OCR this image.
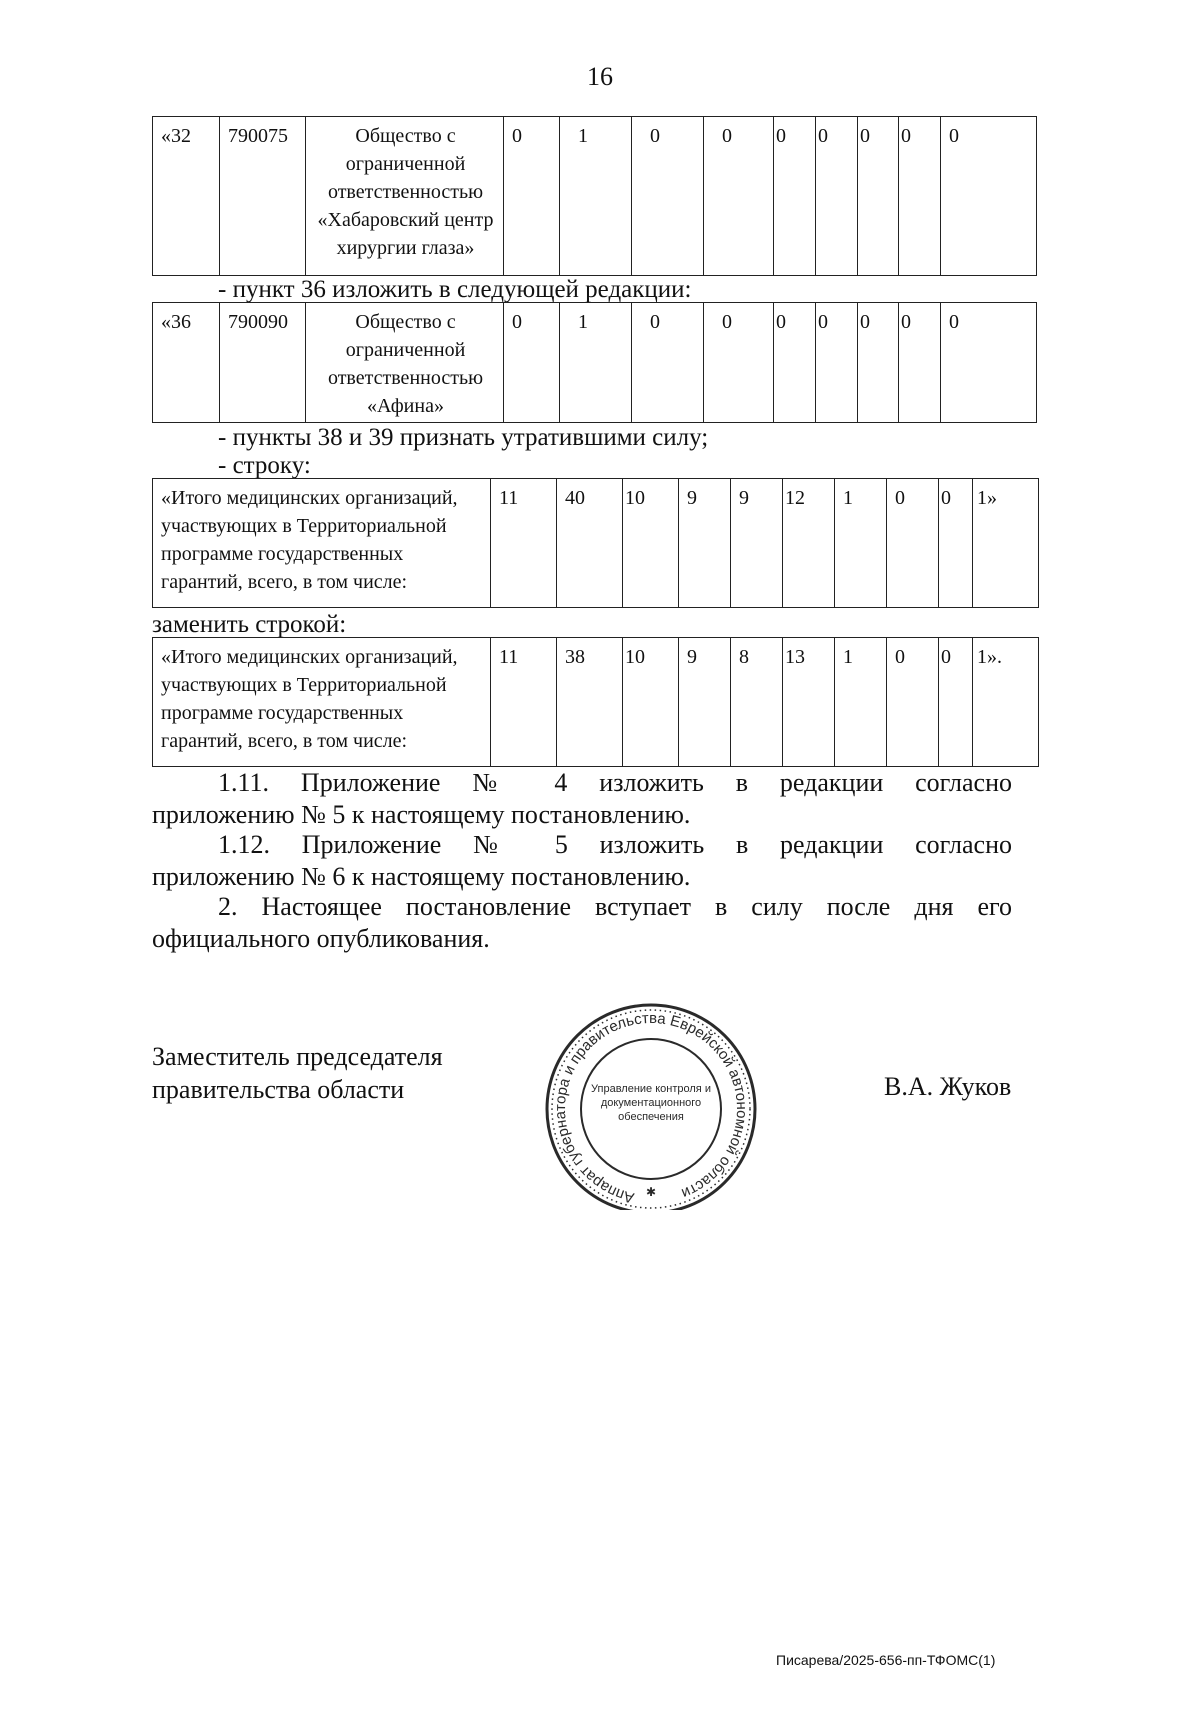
16
«32	790075	Общество с ограниченной ответственностью «Хабаровский центр хирургии глаза»	0	1	0	0	0	0	0	0	0
- пункт 36 изложить в следующей редакции:
«36	790090	Общество с ограниченной ответственностью «Афина»	0	1	0	0	0	0	0	0	0
- пункты 38 и 39 признать утратившими силу;
- строку:
«Итого медицинских организаций, участвующих в Территориальной программе государственных гарантий, всего, в том числе:	11	40	10	9	9	12	1	0	0	1»
заменить строкой:
«Итого медицинских организаций, участвующих в Территориальной программе государственных гарантий, всего, в том числе:	11	38	10	9	8	13	1	0	0	1».
1.11. Приложение № 4 изложить в редакции согласно
приложению № 5 к настоящему постановлению.
1.12. Приложение № 5 изложить в редакции согласно
приложению № 6 к настоящему постановлению.
2. Настоящее постановление вступает в силу после дня его
официального опубликования.
Заместитель председателя
правительства области
Аппарат губернатора и правительства Еврейской автономной области
Управление контроля и документационного обеспечения
✱
В.А. Жуков
Писарева/2025-656-пп-ТФОМС(1)
